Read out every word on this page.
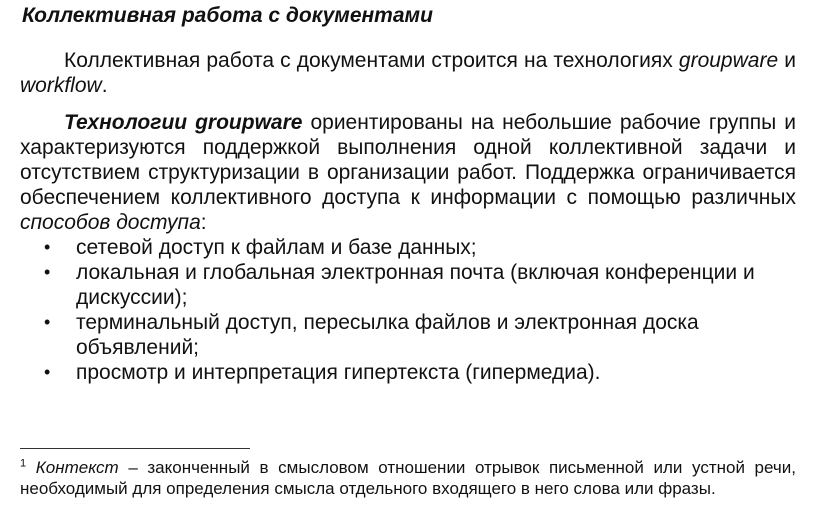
Коллективная работа с документами

Коллективная работа с документами строится на технологиях groupware и workflow.

Технологии groupware ориентированы на небольшие рабочие группы и характеризуются поддержкой выполнения одной коллективной задачи и отсутствием структуризации в организации работ. Поддержка ограничивается обеспечением коллективного доступа к информации с помощью различных способов доступа:

• сетевой доступ к файлам и базе данных;
• локальная и глобальная электронная почта (включая конференции и дискуссии);
• терминальный доступ, пересылка файлов и электронная доска объявлений;
• просмотр и интерпретация гипертекста (гипермедиа).
$^1$ Контекст – законченный в смысловом отношении отрывок письменной или устной речи, необходимый для определения смысла отдельного входящего в него слова или фразы.
